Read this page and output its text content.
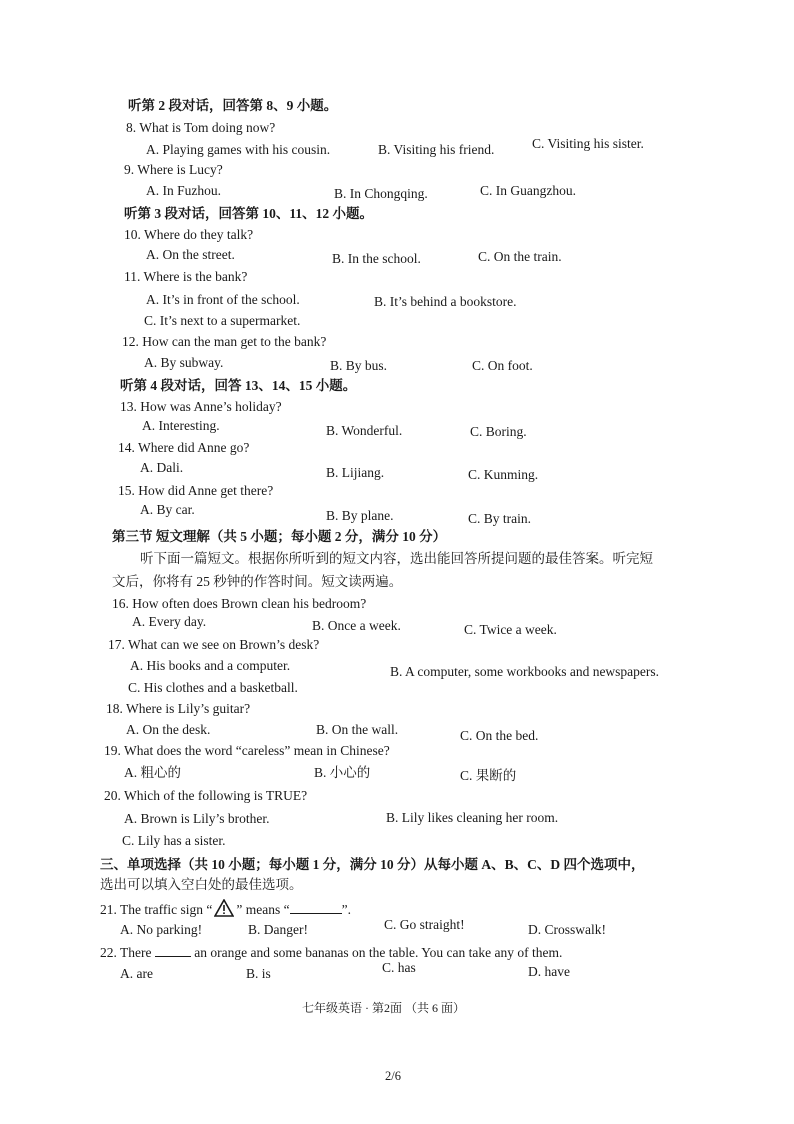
听第 2 段对话，回答第 8、9 小题。
8. What is Tom doing now?
A. Playing games with his cousin.	B. Visiting his friend.	C. Visiting his sister.
9. Where is Lucy?
A. In Fuzhou.	B. In Chongqing.	C. In Guangzhou.
听第 3 段对话，回答第 10、11、12 小题。
10. Where do they talk?
A. On the street.	B. In the school.	C. On the train.
11. Where is the bank?
A. It’s in front of the school.	B. It’s behind a bookstore.
C. It’s next to a supermarket.
12. How can the man get to the bank?
A. By subway.	B. By bus.	C. On foot.
听第 4 段对话，回答 13、14、15 小题。
13. How was Anne’s holiday?
A. Interesting.	B. Wonderful.	C. Boring.
14. Where did Anne go?
A. Dali.	B. Lijiang.	C. Kunming.
15. How did Anne get there?
A. By car.	B. By plane.	C. By train.
第三节 短文理解（共 5 小题；每小题 2 分，满分 10 分）
听下面一篇短文。根据你所听到的短文内容，选出能回答所提问题的最佳答案。听完短
文后，你将有 25 秒钟的作答时间。短文读两遍。
16. How often does Brown clean his bedroom?
A. Every day.	B. Once a week.	C. Twice a week.
17. What can we see on Brown’s desk?
A. His books and a computer.	B. A computer, some workbooks and newspapers.
C. His clothes and a basketball.
18. Where is Lily’s guitar?
A. On the desk.	B. On the wall.	C. On the bed.
19. What does the word “careless” mean in Chinese?
A. 粗心的	B. 小心的	C. 果断的
20. Which of the following is TRUE?
A. Brown is Lily’s brother.	B. Lily likes cleaning her room.
C. Lily has a sister.
三、单项选择（共 10 小题；每小题 1 分，满分 10 分）从每小题 A、B、C、D 四个选项中，
选出可以填入空白处的最佳选项。
21. The traffic sign “ ” means “	”.
A. No parking!	B. Danger!	C. Go straight!	D. Crosswalk!
22. There	an orange and some bananas on the table. You can take any of them.
A. are	B. is	C. has	D. have
七年级英语 · 第2面 （共 6 面）
2/6
